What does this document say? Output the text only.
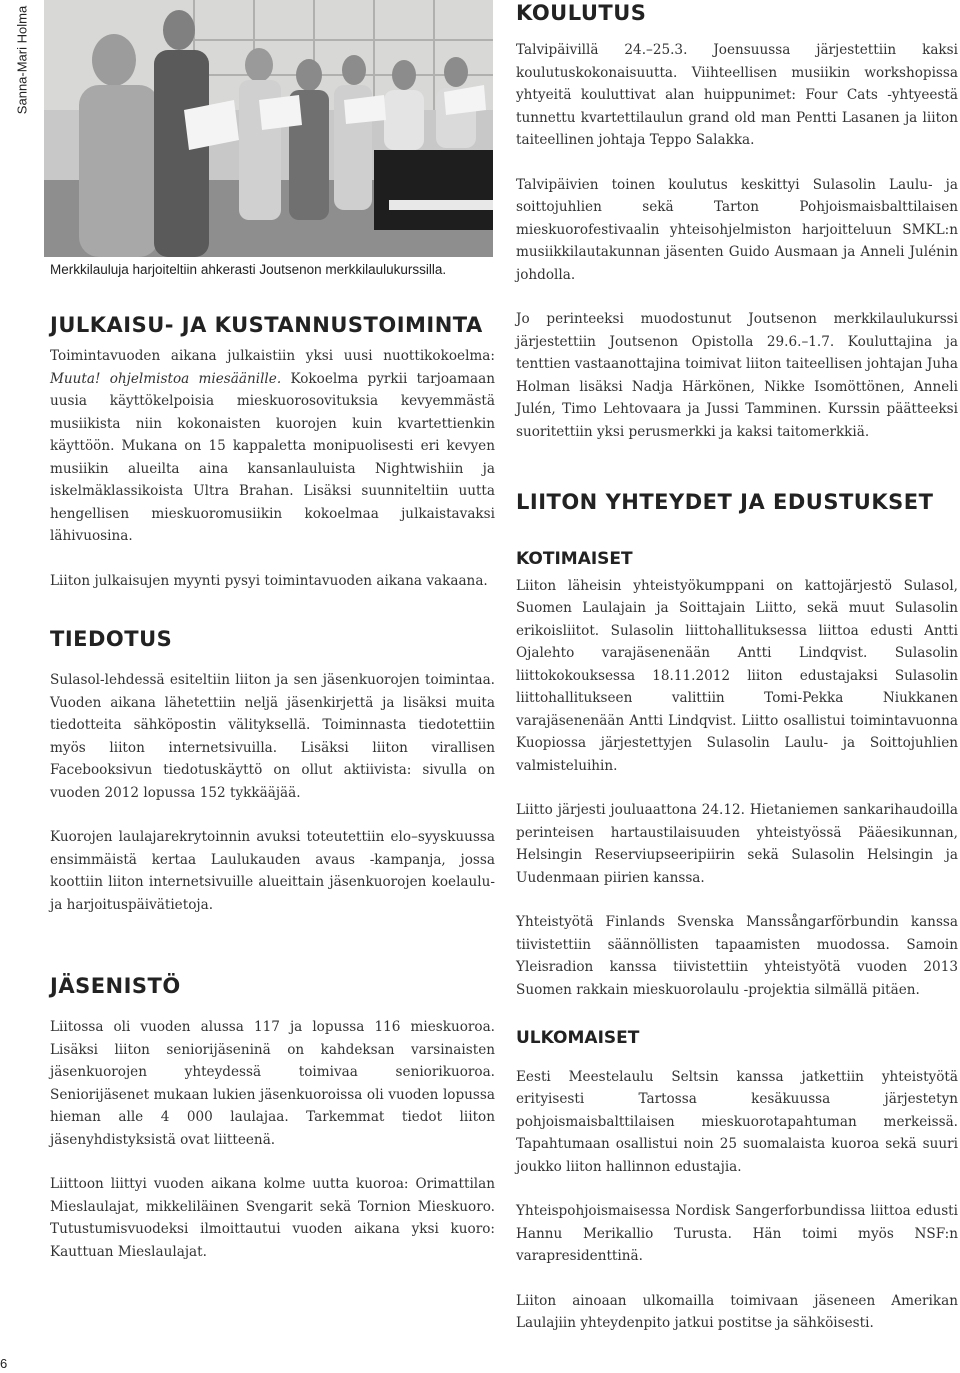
Sanna-Mari Holma
Merkkilauluja harjoiteltiin ahkerasti Joutsenon merkkilaulukurssilla.
JULKAISU- JA KUSTANNUSTOIMINTA

Toimintavuoden aikana julkaistiin yksi uusi nuottikokoelma: Muuta! ohjelmistoa miesäänille. Kokoelma pyrkii tarjoamaan uusia käyttökelpoisia mieskuorosovituksia kevyemmästä musiikista niin kokonaisten kuorojen kuin kvartettienkin käyttöön. Mukana on 15 kappaletta monipuolisesti eri kevyen musiikin alueilta aina kansanlauluista Nightwishiin ja iskelmäklassikoista Ultra Brahan. Lisäksi suunniteltiin uutta hengellisen mieskuoromusiikin kokoelmaa julkaistavaksi lähivuosina.

Liiton julkaisujen myynti pysyi toimintavuoden aikana vakaana.

TIEDOTUS

Sulasol-lehdessä esiteltiin liiton ja sen jäsenkuorojen toimintaa. Vuoden aikana lähetettiin neljä jäsenkirjettä ja lisäksi muita tiedotteita sähköpostin välityksellä. Toiminnasta tiedotettiin myös liiton internetsivuilla. Lisäksi liiton virallisen Facebooksivun tiedotuskäyttö on ollut aktiivista: sivulla on vuoden 2012 lopussa 152 tykkääjää.

Kuorojen laulajarekrytoinnin avuksi toteutettiin elo–syyskuussa ensimmäistä kertaa Laulukauden avaus -kampanja, jossa koottiin liiton internetsivuille alueittain jäsenkuorojen koelaulu- ja harjoituspäivätietoja.

JÄSENISTÖ

Liitossa oli vuoden alussa 117 ja lopussa 116 mieskuoroa. Lisäksi liiton seniorijäseninä on kahdeksan varsinaisten jäsenkuorojen yhteydessä toimivaa seniorikuoroa. Seniorijäsenet mukaan lukien jäsenkuoroissa oli vuoden lopussa hieman alle 4 000 laulajaa. Tarkemmat tiedot liiton jäsenyhdistyksistä ovat liitteenä.

Liittoon liittyi vuoden aikana kolme uutta kuoroa: Orimattilan Mieslaulajat, mikkeliläinen Svengarit sekä Tornion Mieskuoro. Tutustumisvuodeksi ilmoittautui vuoden aikana yksi kuoro: Kauttuan Mieslaulajat.

KOULUTUS

Talvipäivillä 24.–25.3. Joensuussa järjestettiin kaksi koulutuskokonaisuutta. Viihteellisen musiikin workshopissa yhtyeitä kouluttivat alan huippunimet: Four Cats -yhtyeestä tunnettu kvartettilaulun grand old man Pentti Lasanen ja liiton taiteellinen johtaja Teppo Salakka.

Talvipäivien toinen koulutus keskittyi Sulasolin Laulu- ja soittojuhlien sekä Tarton Pohjoismaisbalttilaisen mieskuorofestivaalin yhteisohjelmiston harjoitteluun SMKL:n musiikkilautakunnan jäsenten Guido Ausmaan ja Anneli Julénin johdolla.

Jo perinteeksi muodostunut Joutsenon merkkilaulukurssi järjestettiin Joutsenon Opistolla 29.6.–1.7. Kouluttajina ja tenttien vastaanottajina toimivat liiton taiteellisen johtajan Juha Holman lisäksi Nadja Härkönen, Nikke Isomöttönen, Anneli Julén, Timo Lehtovaara ja Jussi Tamminen. Kurssin päätteeksi suoritettiin yksi perusmerkki ja kaksi taitomerkkiä.

LIITON YHTEYDET JA EDUSTUKSET
KOTIMAISET

Liiton läheisin yhteistyökumppani on kattojärjestö Sulasol, Suomen Laulajain ja Soittajain Liitto, sekä muut Sulasolin erikoisliitot. Sulasolin liittohallituksessa liittoa edusti Antti Ojalehto varajäsenenään Antti Lindqvist. Sulasolin liittokokouksessa 18.11.2012 liiton edustajaksi Sulasolin liittohallitukseen valittiin Tomi-Pekka Niukkanen varajäsenenään Antti Lindqvist. Liitto osallistui toimintavuonna Kuopiossa järjestettyjen Sulasolin Laulu- ja Soittojuhlien valmisteluihin.

Liitto järjesti jouluaattona 24.12. Hietaniemen sankarihaudoilla perinteisen hartaustilaisuuden yhteistyössä Pääesikunnan, Helsingin Reserviupseeripiirin sekä Sulasolin Helsingin ja Uudenmaan piirien kanssa.

Yhteistyötä Finlands Svenska Manssångarförbundin kanssa tiivistettiin säännöllisten tapaamisten muodossa. Samoin Yleisradion kanssa tiivistettiin yhteistyötä vuoden 2013 Suomen rakkain mieskuorolaulu -projektia silmällä pitäen.

ULKOMAISET

Eesti Meestelaulu Seltsin kanssa jatkettiin yhteistyötä erityisesti Tartossa kesäkuussa järjestetyn pohjoismaisbalttilaisen mieskuorotapahtuman merkeissä. Tapahtumaan osallistui noin 25 suomalaista kuoroa sekä suuri joukko liiton hallinnon edustajia.

Yhteispohjoismaisessa Nordisk Sangerforbundissa liittoa edusti Hannu Merikallio Turusta. Hän toimi myös NSF:n varapresidenttinä.

Liiton ainoaan ulkomailla toimivaan jäseneen Amerikan Laulajiin yhteydenpito jatkui postitse ja sähköisesti.

6
